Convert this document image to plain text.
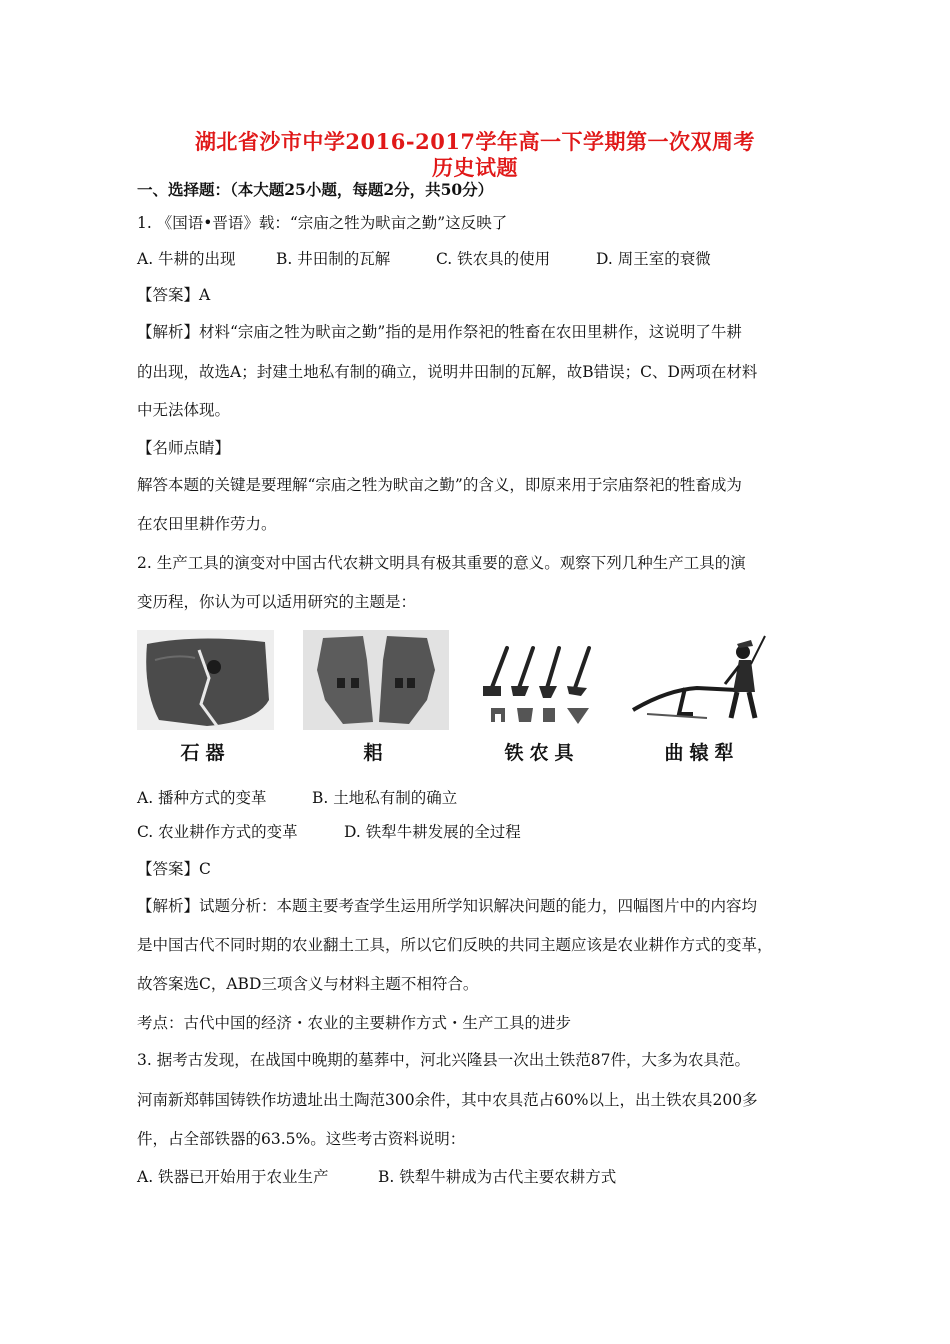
湖北省沙市中学2016-2017学年高一下学期第一次双周考
历史试题
一、选择题：（本大题25小题，每题2分，共50分）
1. 《国语•晋语》载：“宗庙之牲为畎亩之勤”这反映了
A. 牛耕的出现	B. 井田制的瓦解	C. 铁农具的使用	D. 周王室的衰微
【答案】A
【解析】材料“宗庙之牲为畎亩之勤”指的是用作祭祀的牲畜在农田里耕作，这说明了牛耕
的出现，故选A；封建土地私有制的确立，说明井田制的瓦解，故B错误；C、D两项在材料
中无法体现。
【名师点睛】
解答本题的关键是要理解“宗庙之牲为畎亩之勤”的含义，即原来用于宗庙祭祀的牲畜成为
在农田里耕作劳力。
2. 生产工具的演变对中国古代农耕文明具有极其重要的意义。观察下列几种生产工具的演
变历程，你认为可以适用研究的主题是：
石器	耜	铁农具	曲辕犁
A. 播种方式的变革	B. 土地私有制的确立
C. 农业耕作方式的变革	D. 铁犁牛耕发展的全过程
【答案】C
【解析】试题分析：本题主要考查学生运用所学知识解决问题的能力，四幅图片中的内容均
是中国古代不同时期的农业翻土工具，所以它们反映的共同主题应该是农业耕作方式的变革，
故答案选C，ABD三项含义与材料主题不相符合。
考点：古代中国的经济・农业的主要耕作方式・生产工具的进步
3. 据考古发现，在战国中晚期的墓葬中，河北兴隆县一次出土铁范87件，大多为农具范。
河南新郑韩国铸铁作坊遗址出土陶范300余件，其中农具范占60%以上，出土铁农具200多
件，占全部铁器的63.5%。这些考古资料说明：
A. 铁器已开始用于农业生产	B. 铁犁牛耕成为古代主要农耕方式
